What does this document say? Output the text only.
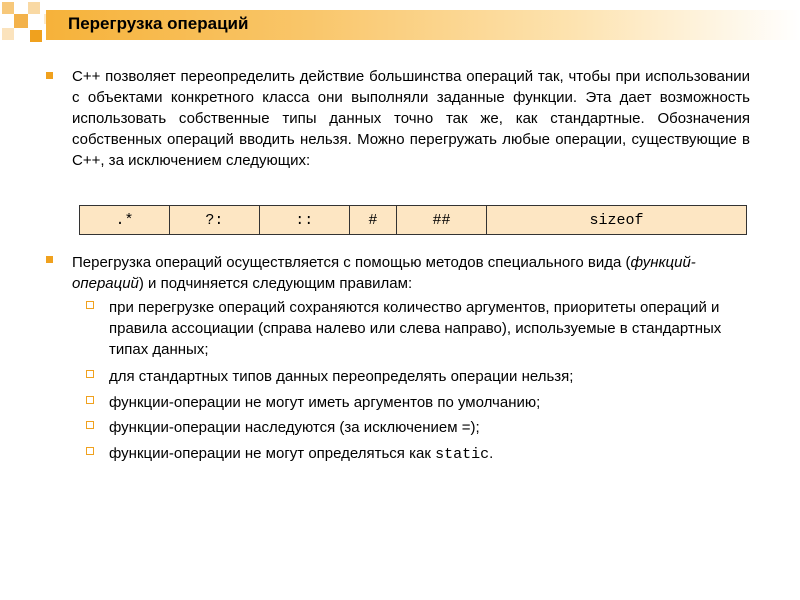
Перегрузка операций

С++ позволяет переопределить действие большинства операций так, чтобы при использовании с объектами конкретного класса они выполняли заданные функции. Эта дает возможность использовать собственные типы данных точно так же, как стандартные. Обозначения собственных операций вводить нельзя. Можно перегружать любые операции, существующие в С++, за исключением следующих:

.*	?:	::	#	##	sizeof

Перегрузка операций осуществляется с помощью методов специального вида (функций-операций) и подчиняется следующим правилам:

при перегрузке операций сохраняются количество аргументов, приоритеты операций и правила ассоциации (справа налево или слева направо), используемые в стандартных типах данных;

для стандартных типов данных переопределять операции нельзя;

функции-операции не могут иметь аргументов по умолчанию;

функции-операции наследуются (за исключением =);

функции-операции не могут определяться как static.
